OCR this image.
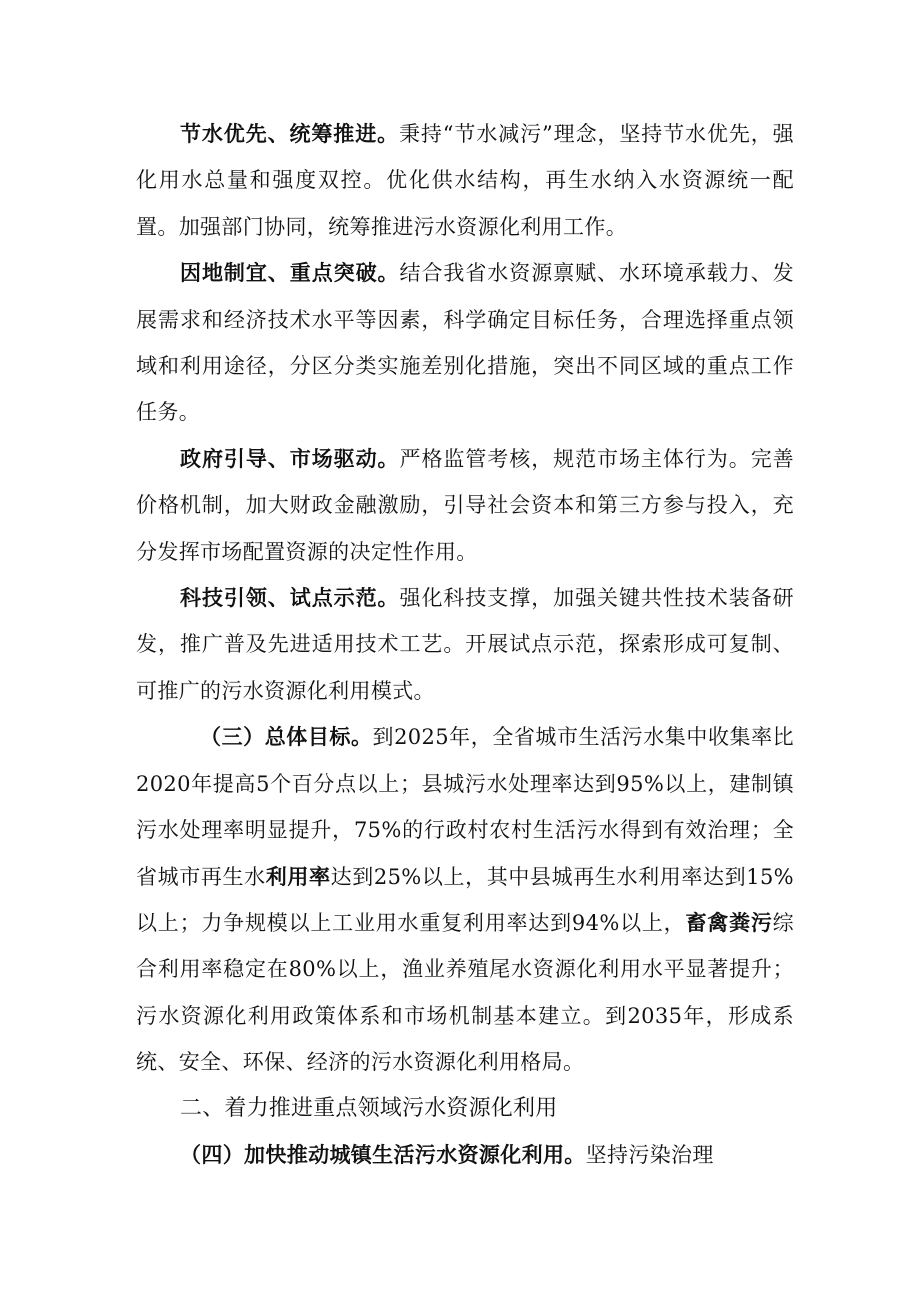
节水优先、统筹推进。秉持“节水减污”理念，坚持节水优先，强化用水总量和强度双控。优化供水结构，再生水纳入水资源统一配置。加强部门协同，统筹推进污水资源化利用工作。

因地制宜、重点突破。结合我省水资源禀赋、水环境承载力、发展需求和经济技术水平等因素，科学确定目标任务，合理选择重点领域和利用途径，分区分类实施差别化措施，突出不同区域的重点工作任务。

政府引导、市场驱动。严格监管考核，规范市场主体行为。完善价格机制，加大财政金融激励，引导社会资本和第三方参与投入，充分发挥市场配置资源的决定性作用。

科技引领、试点示范。强化科技支撑，加强关键共性技术装备研发，推广普及先进适用技术工艺。开展试点示范，探索形成可复制、可推广的污水资源化利用模式。

（三）总体目标。到2025年，全省城市生活污水集中收集率比2020年提高5个百分点以上；县城污水处理率达到95%以上，建制镇污水处理率明显提升，75%的行政村农村生活污水得到有效治理；全省城市再生水利用率达到25%以上，其中县城再生水利用率达到15%以上；力争规模以上工业用水重复利用率达到94%以上，畜禽粪污综合利用率稳定在80%以上，渔业养殖尾水资源化利用水平显著提升；污水资源化利用政策体系和市场机制基本建立。到2035年，形成系统、安全、环保、经济的污水资源化利用格局。

二、着力推进重点领域污水资源化利用

（四）加快推动城镇生活污水资源化利用。坚持污染治理
